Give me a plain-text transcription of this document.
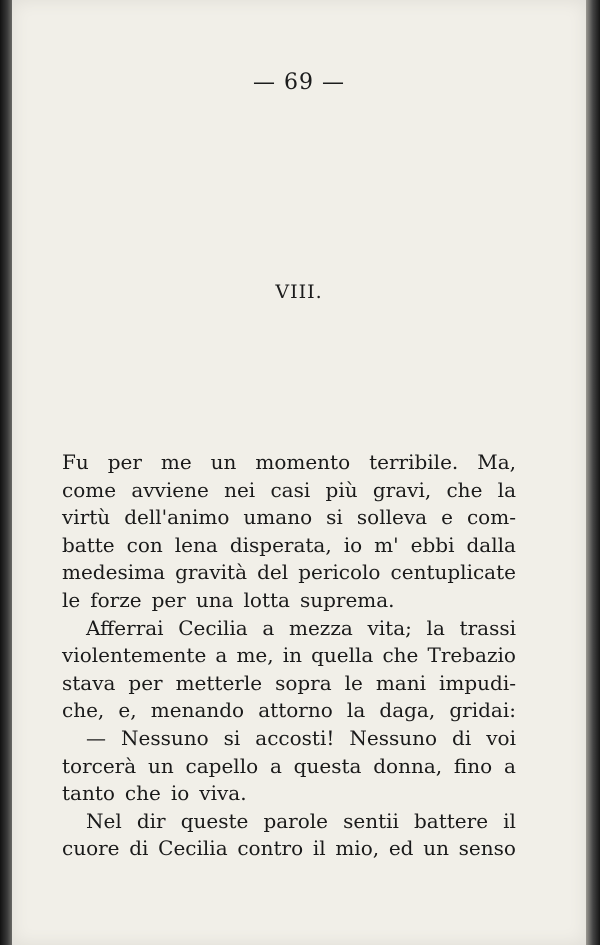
— 69 —
VIII.
Fu per me un momento terribile. Ma,
come avviene nei casi più gravi, che la
virtù dell'animo umano si solleva e com-
batte con lena disperata, io m' ebbi dalla
medesima gravità del pericolo centuplicate
le forze per una lotta suprema.
Afferrai Cecilia a mezza vita; la trassi
violentemente a me, in quella che Trebazio
stava per metterle sopra le mani impudi-
che, e, menando attorno la daga, gridai:
— Nessuno si accosti! Nessuno di voi
torcerà un capello a questa donna, fino a
tanto che io viva.
Nel dir queste parole sentii battere il
cuore di Cecilia contro il mio, ed un senso
